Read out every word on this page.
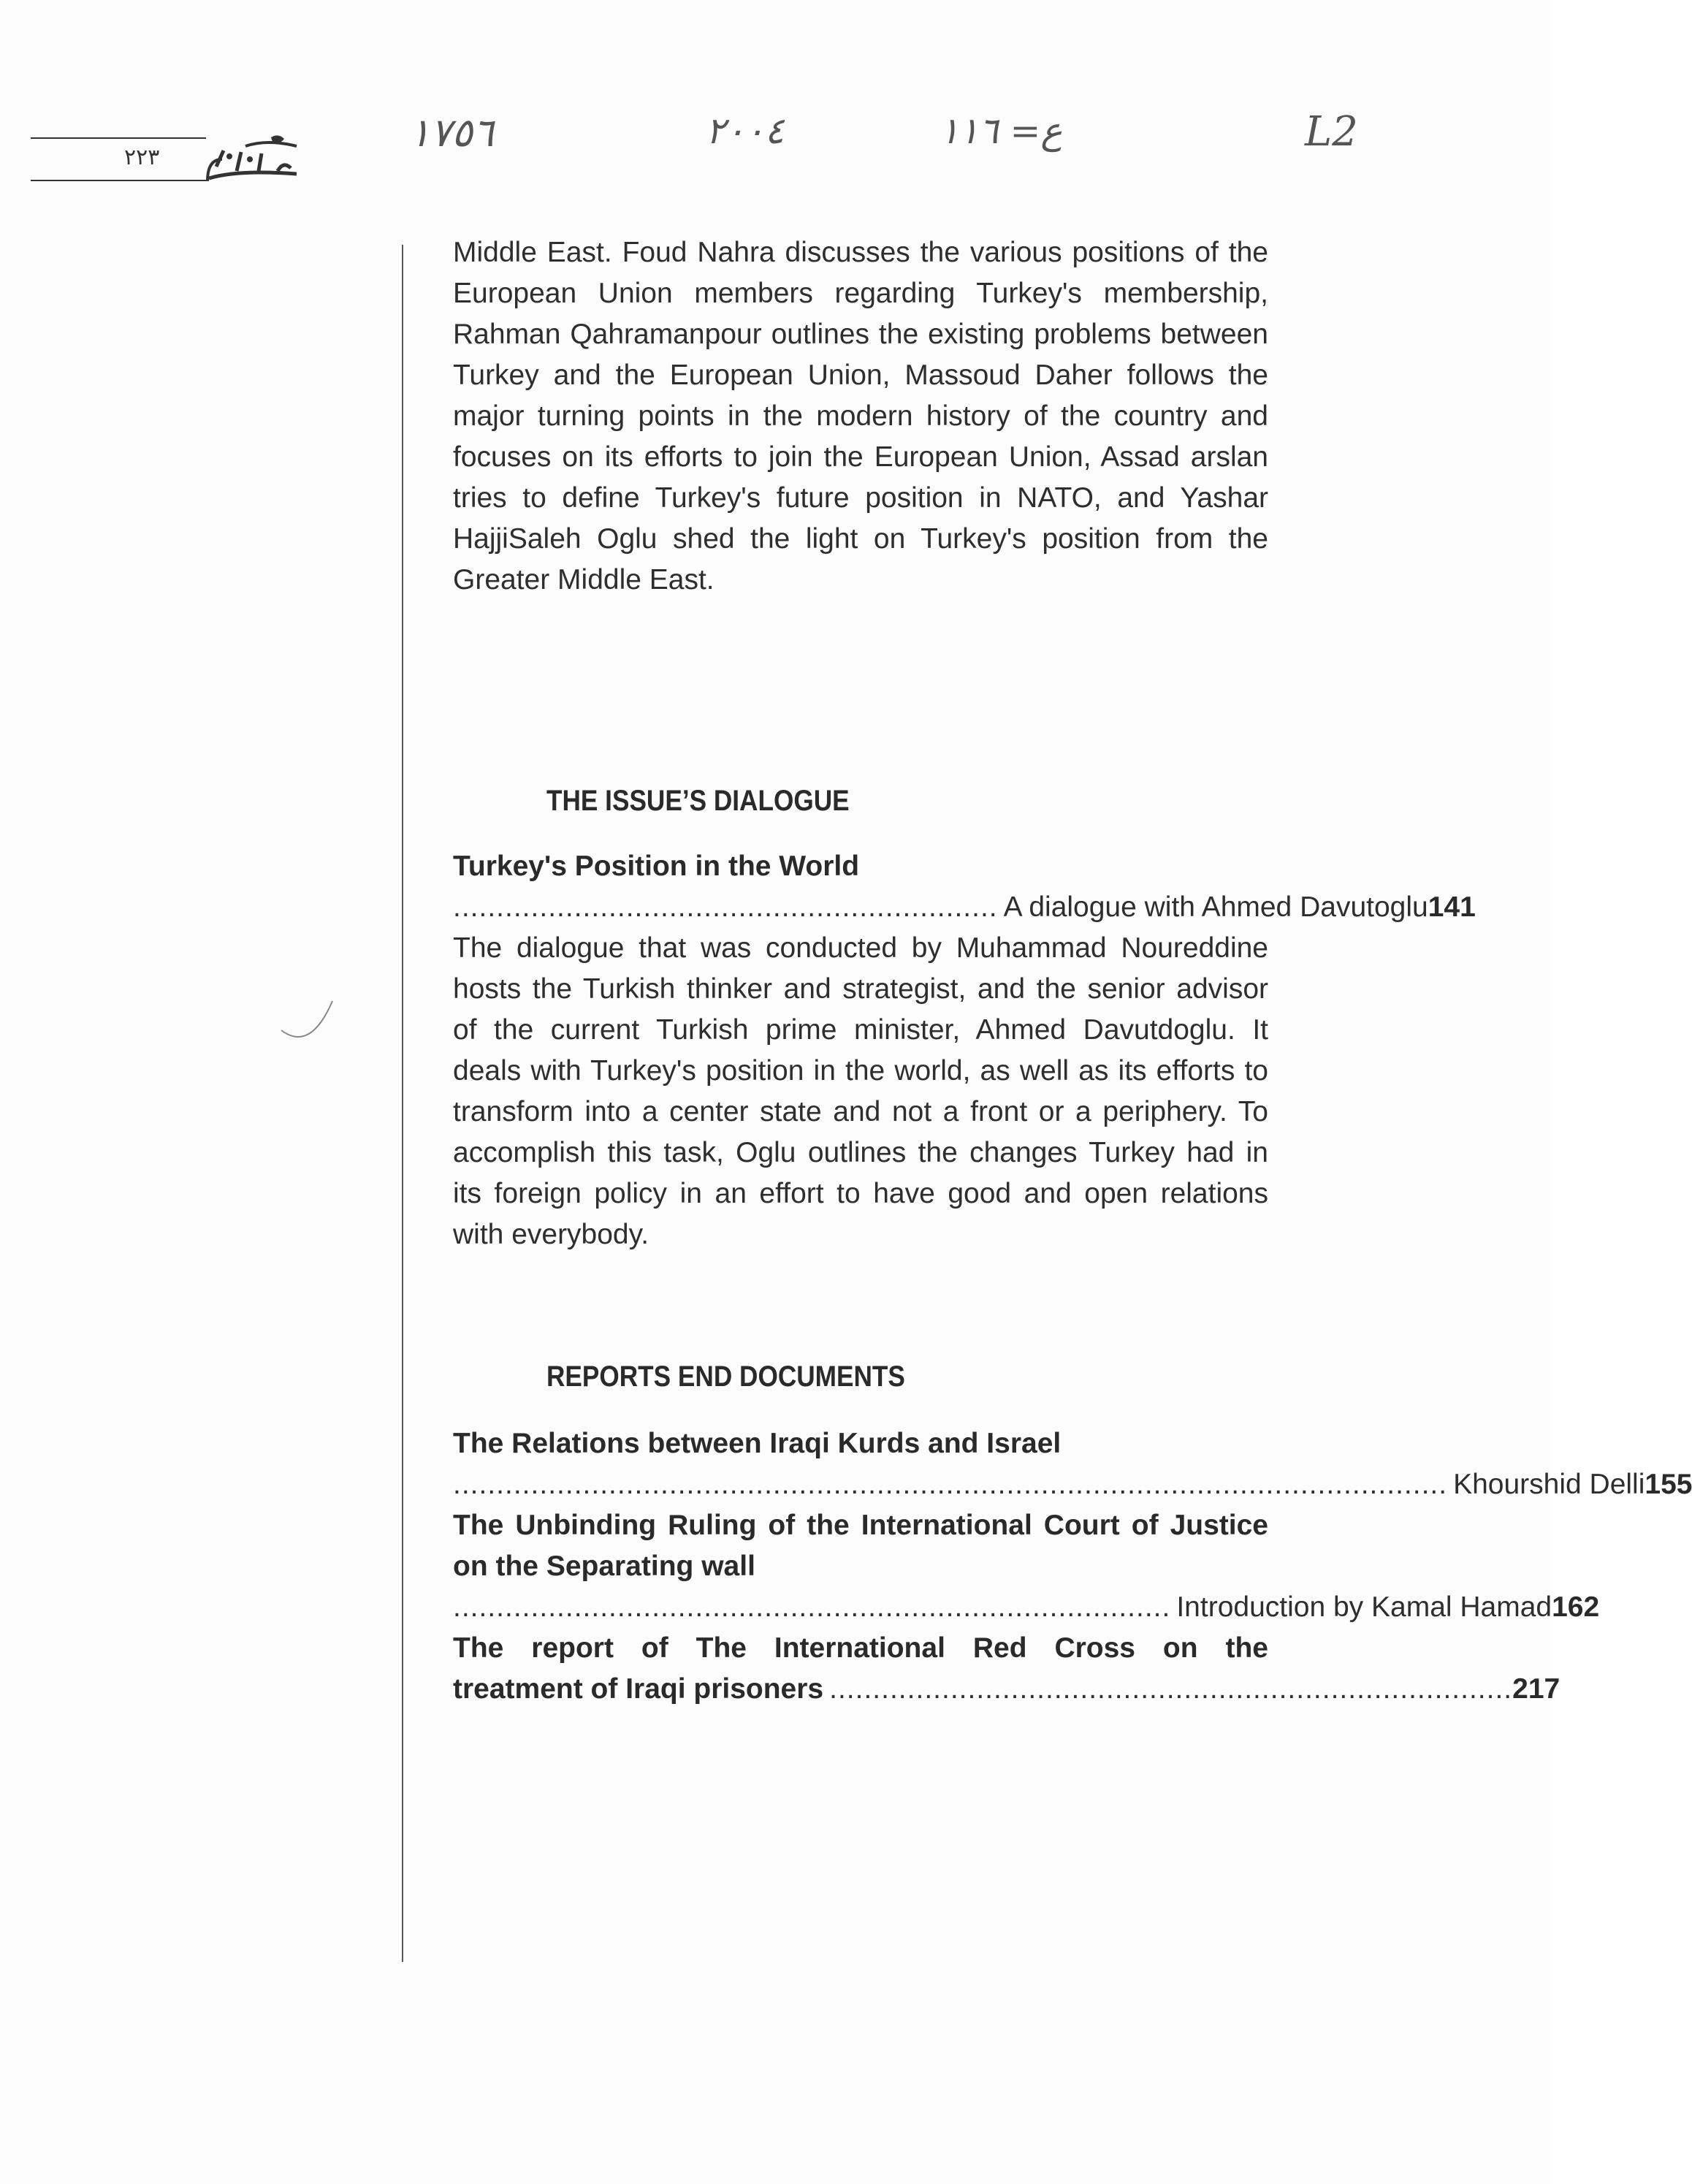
٢٢٣
١٧٥٦	٢٠٠٤	ع= ١١٦	L2

Middle East. Foud Nahra discusses the various positions of the European Union members regarding Turkey's membership, Rahman Qahramanpour outlines the existing problems between Turkey and the European Union, Massoud Daher follows the major turning points in the modern history of the country and focuses on its efforts to join the European Union, Assad arslan tries to define Turkey's future position in NATO, and Yashar HajjiSaleh Oglu shed the light on Turkey's position from the Greater Middle East.

THE ISSUE’S DIALOGUE
Turkey's Position in the World
............................................................... A dialogue with Ahmed Davutoglu 141

The dialogue that was conducted by Muhammad Noureddine hosts the Turkish thinker and strategist, and the senior advisor of the current Turkish prime minister, Ahmed Davutdoglu. It deals with Turkey's position in the world, as well as its efforts to transform into a center state and not a front or a periphery. To accomplish this task, Oglu outlines the changes Turkey had in its foreign policy in an effort to have good and open relations with everybody.

REPORTS END DOCUMENTS
The Relations between Iraqi Kurds and Israel
................................................................................................................... Khourshid Delli 155

The Unbinding Ruling of the International Court of Justice on the Separating wall

................................................................................... Introduction by Kamal Hamad 162
The report of The International Red Cross on the
treatment of Iraqi prisoners ............................................................................... 217
